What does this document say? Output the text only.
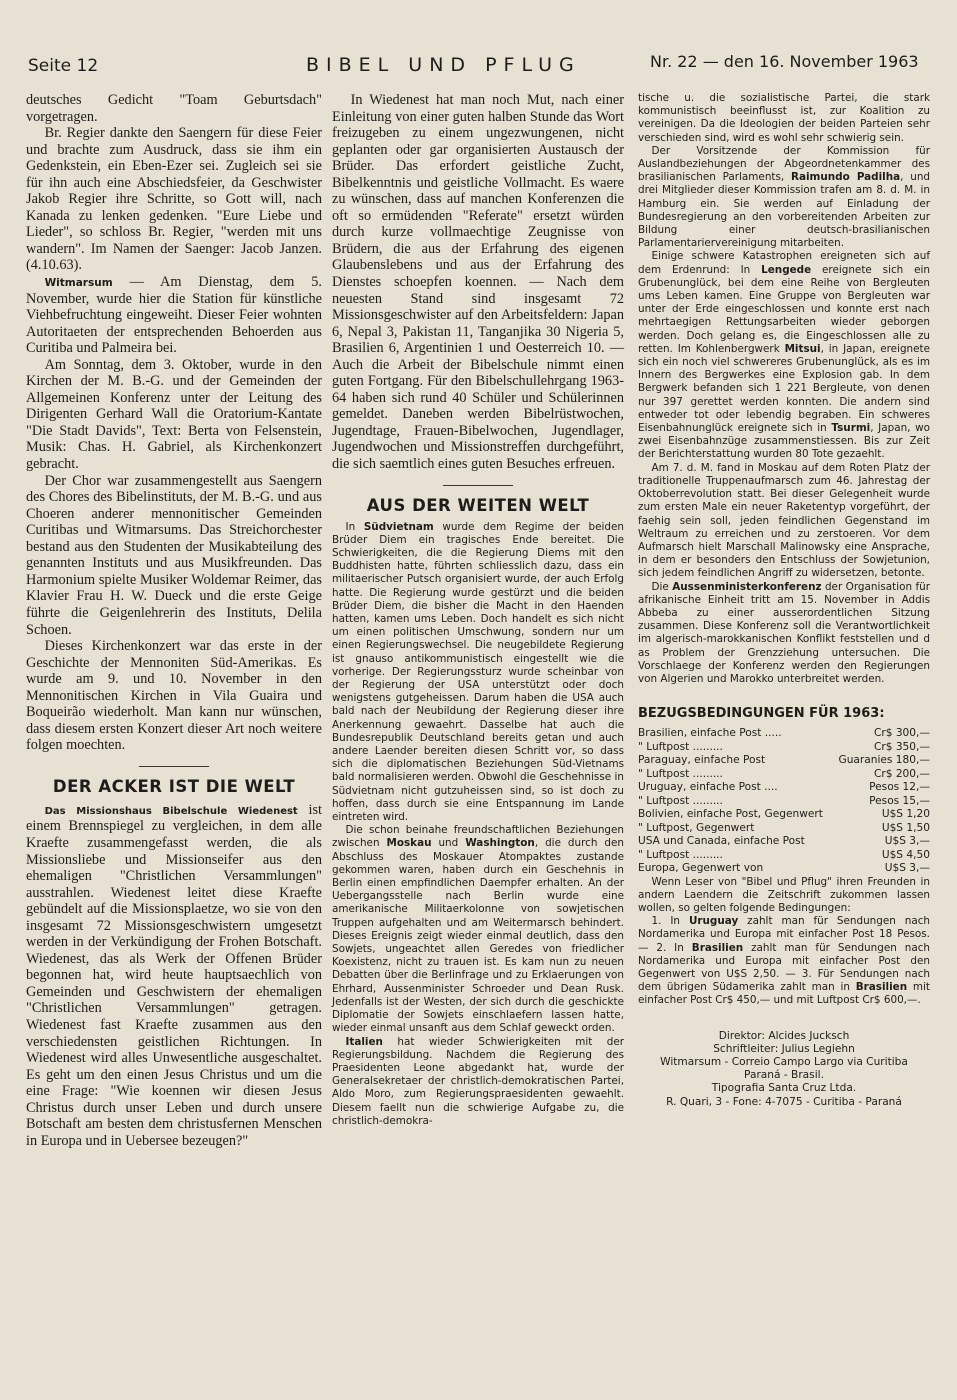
Seite 12	BIBEL UND PFLUG	Nr. 22 — den 16. November 1963

deutsches Gedicht "Toam Geburtsdach" vorgetragen.

Br. Regier dankte den Saengern für diese Feier und brachte zum Ausdruck, dass sie ihm ein Gedenkstein, ein Eben-Ezer sei. Zugleich sei sie für ihn auch eine Abschiedsfeier, da Geschwister Jakob Regier ihre Schritte, so Gott will, nach Kanada zu lenken gedenken. "Eure Liebe und Lieder", so schloss Br. Regier, "werden mit uns wandern". Im Namen der Saenger: Jacob Janzen. (4.10.63).

Witmarsum — Am Dienstag, dem 5. November, wurde hier die Station für künstliche Viehbefruchtung eingeweiht. Dieser Feier wohnten Autoritaeten der entsprechenden Behoerden aus Curitiba und Palmeira bei.

Am Sonntag, dem 3. Oktober, wurde in den Kirchen der M. B.-G. und der Gemeinden der Allgemeinen Konferenz unter der Leitung des Dirigenten Gerhard Wall die Oratorium-Kantate "Die Stadt Davids", Text: Berta von Felsenstein, Musik: Chas. H. Gabriel, als Kirchenkonzert gebracht.

Der Chor war zusammengestellt aus Saengern des Chores des Bibelinstituts, der M. B.-G. und aus Choeren anderer mennonitischer Gemeinden Curitibas und Witmarsums. Das Streichorchester bestand aus den Studenten der Musikabteilung des genannten Instituts und aus Musikfreunden. Das Harmonium spielte Musiker Woldemar Reimer, das Klavier Frau H. W. Dueck und die erste Geige führte die Geigenlehrerin des Instituts, Delila Schoen.

Dieses Kirchenkonzert war das erste in der Geschichte der Mennoniten Süd-Amerikas. Es wurde am 9. und 10. November in den Mennonitischen Kirchen in Vila Guaira und Boqueirão wiederholt. Man kann nur wünschen, dass diesem ersten Konzert dieser Art noch weitere folgen moechten.

DER ACKER IST DIE WELT

Das Missionshaus Bibelschule Wiedenest ist einem Brennspiegel zu vergleichen, in dem alle Kraefte zusammengefasst werden, die als Missionsliebe und Missionseifer aus den ehemaligen "Christlichen Versammlungen" ausstrahlen. Wiedenest leitet diese Kraefte gebündelt auf die Missionsplaetze, wo sie von den insgesamt 72 Missionsgeschwistern umgesetzt werden in der Verkündigung der Frohen Botschaft. Wiedenest, das als Werk der Offenen Brüder begonnen hat, wird heute hauptsaechlich von Gemeinden und Geschwistern der ehemaligen "Christlichen Versammlungen" getragen. Wiedenest fast Kraefte zusammen aus den verschiedensten geistlichen Richtungen. In Wiedenest wird alles Unwesentliche ausgeschaltet. Es geht um den einen Jesus Christus und um die eine Frage: "Wie koennen wir diesen Jesus Christus durch unser Leben und durch unsere Botschaft am besten dem christusfernen Menschen in Europa und in Uebersee bezeugen?"

In Wiedenest hat man noch Mut, nach einer Einleitung von einer guten halben Stunde das Wort freizugeben zu einem ungezwungenen, nicht geplanten oder gar organisierten Austausch der Brüder. Das erfordert geistliche Zucht, Bibelkenntnis und geistliche Vollmacht. Es waere zu wünschen, dass auf manchen Konferenzen die oft so ermüdenden "Referate" ersetzt würden durch kurze vollmaechtige Zeugnisse von Brüdern, die aus der Erfahrung des eigenen Glaubenslebens und aus der Erfahrung des Dienstes schoepfen koennen. — Nach dem neuesten Stand sind insgesamt 72 Missionsgeschwister auf den Arbeitsfeldern: Japan 6, Nepal 3, Pakistan 11, Tanganjika 30 Nigeria 5, Brasilien 6, Argentinien 1 und Oesterreich 10. — Auch die Arbeit der Bibelschule nimmt einen guten Fortgang. Für den Bibelschullehrgang 1963-64 haben sich rund 40 Schüler und Schülerinnen gemeldet. Daneben werden Bibelrüstwochen, Jugendtage, Frauen-Bibelwochen, Jugendlager, Jugendwochen und Missionstreffen durchgeführt, die sich saemtlich eines guten Besuches erfreuen.

AUS DER WEITEN WELT

In Südvietnam wurde dem Regime der beiden Brüder Diem ein tragisches Ende bereitet. Die Schwierigkeiten, die die Regierung Diems mit den Buddhisten hatte, führten schliesslich dazu, dass ein militaerischer Putsch organisiert wurde, der auch Erfolg hatte. Die Regierung wurde gestürzt und die beiden Brüder Diem, die bisher die Macht in den Haenden hatten, kamen ums Leben. Doch handelt es sich nicht um einen politischen Umschwung, sondern nur um einen Regierungswechsel. Die neugebildete Regierung ist gnauso antikommunistisch eingestellt wie die vorherige. Der Regierungssturz wurde scheinbar von der Regierung der USA unterstützt oder doch wenigstens gutgeheissen. Darum haben die USA auch bald nach der Neubildung der Regierung dieser ihre Anerkennung gewaehrt. Dasselbe hat auch die Bundesrepublik Deutschland bereits getan und auch andere Laender bereiten diesen Schritt vor, so dass sich die diplomatischen Beziehungen Süd-Vietnams bald normalisieren werden. Obwohl die Geschehnisse in Südvietnam nicht gutzuheissen sind, so ist doch zu hoffen, dass durch sie eine Entspannung im Lande eintreten wird.

Die schon beinahe freundschaftlichen Beziehungen zwischen Moskau und Washington, die durch den Abschluss des Moskauer Atompaktes zustande gekommen waren, haben durch ein Geschehnis in Berlin einen empfindlichen Daempfer erhalten. An der Uebergangsstelle nach Berlin wurde eine amerikanische Militaerkolonne von sowjetischen Truppen aufgehalten und am Weitermarsch behindert. Dieses Ereignis zeigt wieder einmal deutlich, dass den Sowjets, ungeachtet allen Geredes von friedlicher Koexistenz, nicht zu trauen ist. Es kam nun zu neuen Debatten über die Berlinfrage und zu Erklaerungen von Ehrhard, Aussenminister Schroeder und Dean Rusk. Jedenfalls ist der Westen, der sich durch die geschickte Diplomatie der Sowjets einschlaefern lassen hatte, wieder einmal unsanft aus dem Schlaf geweckt orden.

Italien hat wieder Schwierigkeiten mit der Regierungsbildung. Nachdem die Regierung des Praesidenten Leone abgedankt hat, wurde der Generalsekretaer der christlich-demokratischen Partei, Aldo Moro, zum Regierungspraesidenten gewaehlt. Diesem faellt nun die schwierige Aufgabe zu, die christlich-demokra-

tische u. die sozialistische Partei, die stark kommunistisch beeinflusst ist, zur Koalition zu vereinigen. Da die Ideologien der beiden Parteien sehr verschieden sind, wird es wohl sehr schwierig sein.

Der Vorsitzende der Kommission für Auslandbeziehungen der Abgeordnetenkammer des brasilianischen Parlaments, Raimundo Padilha, und drei Mitglieder dieser Kommission trafen am 8. d. M. in Hamburg ein. Sie werden auf Einladung der Bundesregierung an den vorbereitenden Arbeiten zur Bildung einer deutsch-brasilianischen Parlamentariervereinigung mitarbeiten.

Einige schwere Katastrophen ereigneten sich auf dem Erdenrund: In Lengede ereignete sich ein Grubenunglück, bei dem eine Reihe von Bergleuten ums Leben kamen. Eine Gruppe von Bergleuten war unter der Erde eingeschlossen und konnte erst nach mehrtaegigen Rettungsarbeiten wieder geborgen werden. Doch gelang es, die Eingeschlossen alle zu retten. Im Kohlenbergwerk Mitsui, in Japan, ereignete sich ein noch viel schwereres Grubenunglück, als es im Innern des Bergwerkes eine Explosion gab. In dem Bergwerk befanden sich 1 221 Bergleute, von denen nur 397 gerettet werden konnten. Die andern sind entweder tot oder lebendig begraben. Ein schweres Eisenbahnunglück ereignete sich in Tsurmi, Japan, wo zwei Eisenbahnzüge zusammenstiessen. Bis zur Zeit der Berichterstattung wurden 80 Tote gezaehlt.

Am 7. d. M. fand in Moskau auf dem Roten Platz der traditionelle Truppenaufmarsch zum 46. Jahrestag der Oktoberrevolution statt. Bei dieser Gelegenheit wurde zum ersten Male ein neuer Raketentyp vorgeführt, der faehig sein soll, jeden feindlichen Gegenstand im Weltraum zu erreichen und zu zerstoeren. Vor dem Aufmarsch hielt Marschall Malinowsky eine Ansprache, in dem er besonders den Entschluss der Sowjetunion, sich jedem feindlichen Angriff zu widersetzen, betonte.

Die Aussenministerkonferenz der Organisation für afrikanische Einheit tritt am 15. November in Addis Abbeba zu einer ausserordentlichen Sitzung zusammen. Diese Konferenz soll die Verantwortlichkeit im algerisch-marokkanischen Konflikt feststellen und d as Problem der Grenzziehung untersuchen. Die Vorschlaege der Konferenz werden den Regierungen von Algerien und Marokko unterbreitet werden.

BEZUGSBEDINGUNGEN FÜR 1963:
Brasilien, einfache Post .....	Cr$ 300,—
" Luftpost .........	Cr$ 350,—
Paraguay, einfache Post	Guaranies 180,—
" Luftpost .........	Cr$ 200,—
Uruguay, einfache Post ....	Pesos 12,—
" Luftpost .........	Pesos 15,—
Bolivien, einfache Post, Gegenwert	U$S 1,20
" Luftpost, Gegenwert	U$S 1,50
USA und Canada, einfache Post	U$S 3,—
" Luftpost .........	U$S 4,50
Europa, Gegenwert von	U$S 3,—

Wenn Leser von "Bibel und Pflug" ihren Freunden in andern Laendern die Zeitschrift zukommen lassen wollen, so gelten folgende Bedingungen:

1. In Uruguay zahlt man für Sendungen nach Nordamerika und Europa mit einfacher Post 18 Pesos. — 2. In Brasilien zahlt man für Sendungen nach Nordamerika und Europa mit einfacher Post den Gegenwert von U$S 2,50. — 3. Für Sendungen nach dem übrigen Südamerika zahlt man in Brasilien mit einfacher Post Cr$ 450,— und mit Luftpost Cr$ 600,—.

Direktor: Alcides Jucksch
Schriftleiter: Julius Legiehn
Witmarsum - Correio Campo Largo via Curitiba
Paraná - Brasil.
Tipografia Santa Cruz Ltda.
R. Quari, 3 - Fone: 4-7075 - Curitiba - Paraná
